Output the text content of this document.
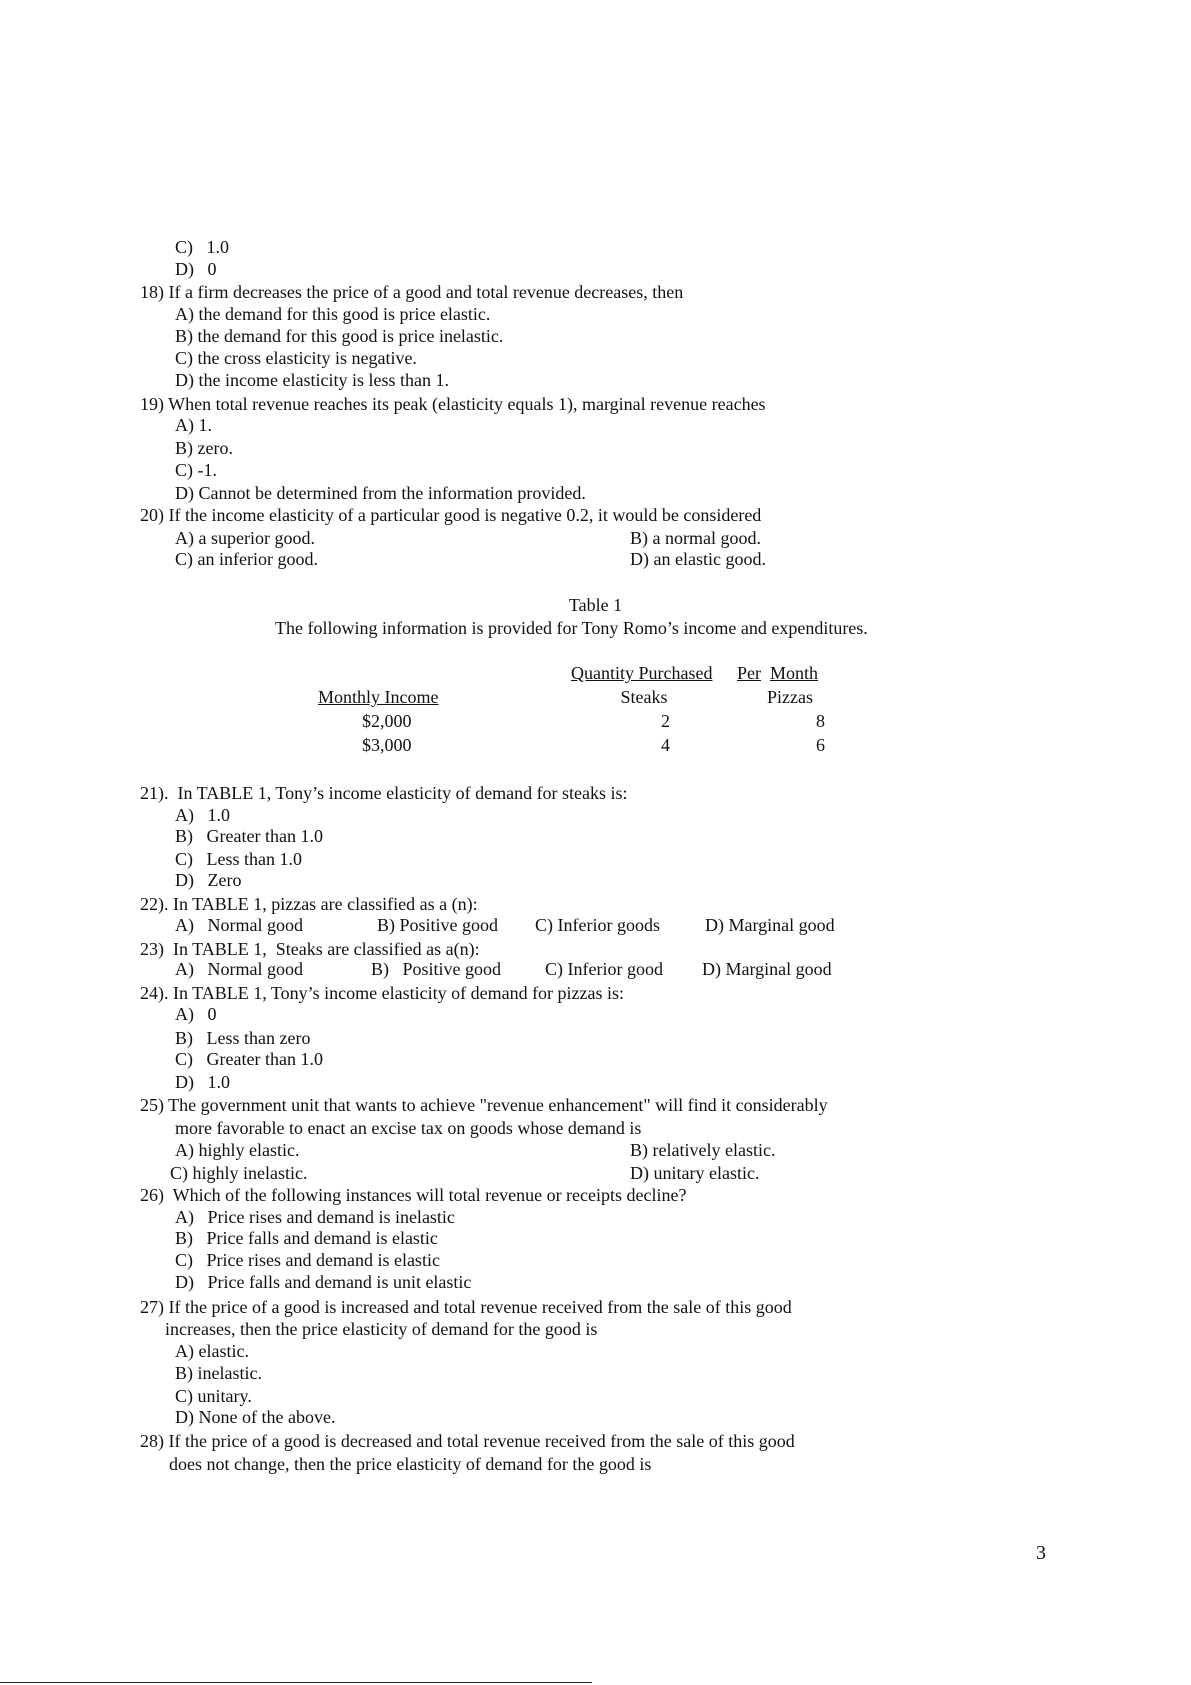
C)  1.0
D)  0
18) If a firm decreases the price of a good and total revenue decreases, then
A) the demand for this good is price elastic.
B) the demand for this good is price inelastic.
C) the cross elasticity is negative.
D) the income elasticity is less than 1.
19) When total revenue reaches its peak (elasticity equals 1), marginal revenue reaches
A) 1.
B) zero.
C) -1.
D) Cannot be determined from the information provided.
20) If the income elasticity of a particular good is negative 0.2, it would be considered
A) a superior good.	B) a normal good.
C) an inferior good.	D) an elastic good.
Table 1
The following information is provided for Tony Romo’s income and expenditures.
Quantity Purchased Per Month
Monthly Income	Steaks	Pizzas
$2,000	2	8
$3,000	4	6
21).  In TABLE 1, Tony’s income elasticity of demand for steaks is:
A)  1.0
B)  Greater than 1.0
C)  Less than 1.0
D)  Zero
22). In TABLE 1, pizzas are classified as a (n):
A)  Normal good	B) Positive good C) Inferior goods	D) Marginal good
23)  In TABLE 1,  Steaks are classified as a(n):
A)  Normal good	B)  Positive good C) Inferior good D) Marginal good
24). In TABLE 1, Tony’s income elasticity of demand for pizzas is:
A)  0
B)  Less than zero
C)  Greater than 1.0
D)  1.0
25) The government unit that wants to achieve "revenue enhancement" will find it considerably
more favorable to enact an excise tax on goods whose demand is
A) highly elastic.	B) relatively elastic.
C) highly inelastic.	D) unitary elastic.
26)  Which of the following instances will total revenue or receipts decline?
A)  Price rises and demand is inelastic
B)  Price falls and demand is elastic
C)  Price rises and demand is elastic
D)  Price falls and demand is unit elastic
27) If the price of a good is increased and total revenue received from the sale of this good
increases, then the price elasticity of demand for the good is
A) elastic.
B) inelastic.
C) unitary.
D) None of the above.
28) If the price of a good is decreased and total revenue received from the sale of this good
does not change, then the price elasticity of demand for the good is
3
